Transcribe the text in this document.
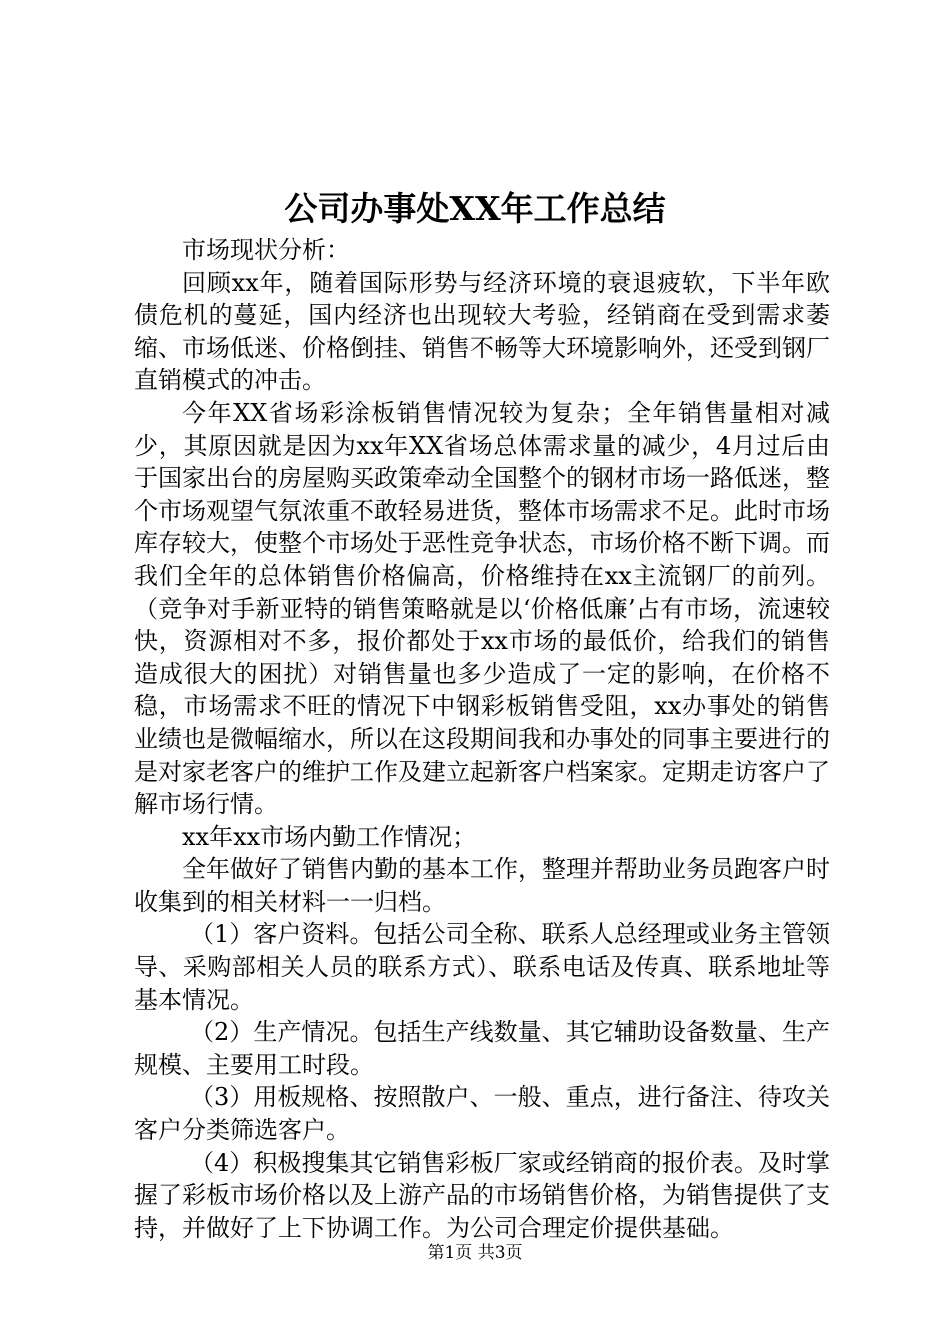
公司办事处XX年工作总结

市场现状分析：

回顾xx年，随着国际形势与经济环境的衰退疲软，下半年欧债危机的蔓延，国内经济也出现较大考验，经销商在受到需求萎缩、市场低迷、价格倒挂、销售不畅等大环境影响外，还受到钢厂直销模式的冲击。

今年XX省场彩涂板销售情况较为复杂；全年销售量相对减少，其原因就是因为xx年XX省场总体需求量的减少，4月过后由于国家出台的房屋购买政策牵动全国整个的钢材市场一路低迷，整个市场观望气氛浓重不敢轻易进货，整体市场需求不足。此时市场库存较大，使整个市场处于恶性竞争状态，市场价格不断下调。而我们全年的总体销售价格偏高，价格维持在xx主流钢厂的前列。（竞争对手新亚特的销售策略就是以‘价格低廉’占有市场，流速较快，资源相对不多，报价都处于xx市场的最低价，给我们的销售造成很大的困扰）对销售量也多少造成了一定的影响，在价格不稳，市场需求不旺的情况下中钢彩板销售受阻，xx办事处的销售业绩也是微幅缩水，所以在这段期间我和办事处的同事主要进行的是对家老客户的维护工作及建立起新客户档案家。定期走访客户了解市场行情。

xx年xx市场内勤工作情况；

全年做好了销售内勤的基本工作，整理并帮助业务员跑客户时收集到的相关材料一一归档。

（1）客户资料。包括公司全称、联系人总经理或业务主管领导、采购部相关人员的联系方式）、联系电话及传真、联系地址等基本情况。

（2）生产情况。包括生产线数量、其它辅助设备数量、生产规模、主要用工时段。

（3）用板规格、按照散户、一般、重点，进行备注、待攻关客户分类筛选客户。

（4）积极搜集其它销售彩板厂家或经销商的报价表。及时掌握了彩板市场价格以及上游产品的市场销售价格，为销售提供了支持，并做好了上下协调工作。为公司合理定价提供基础。

第1页 共3页
